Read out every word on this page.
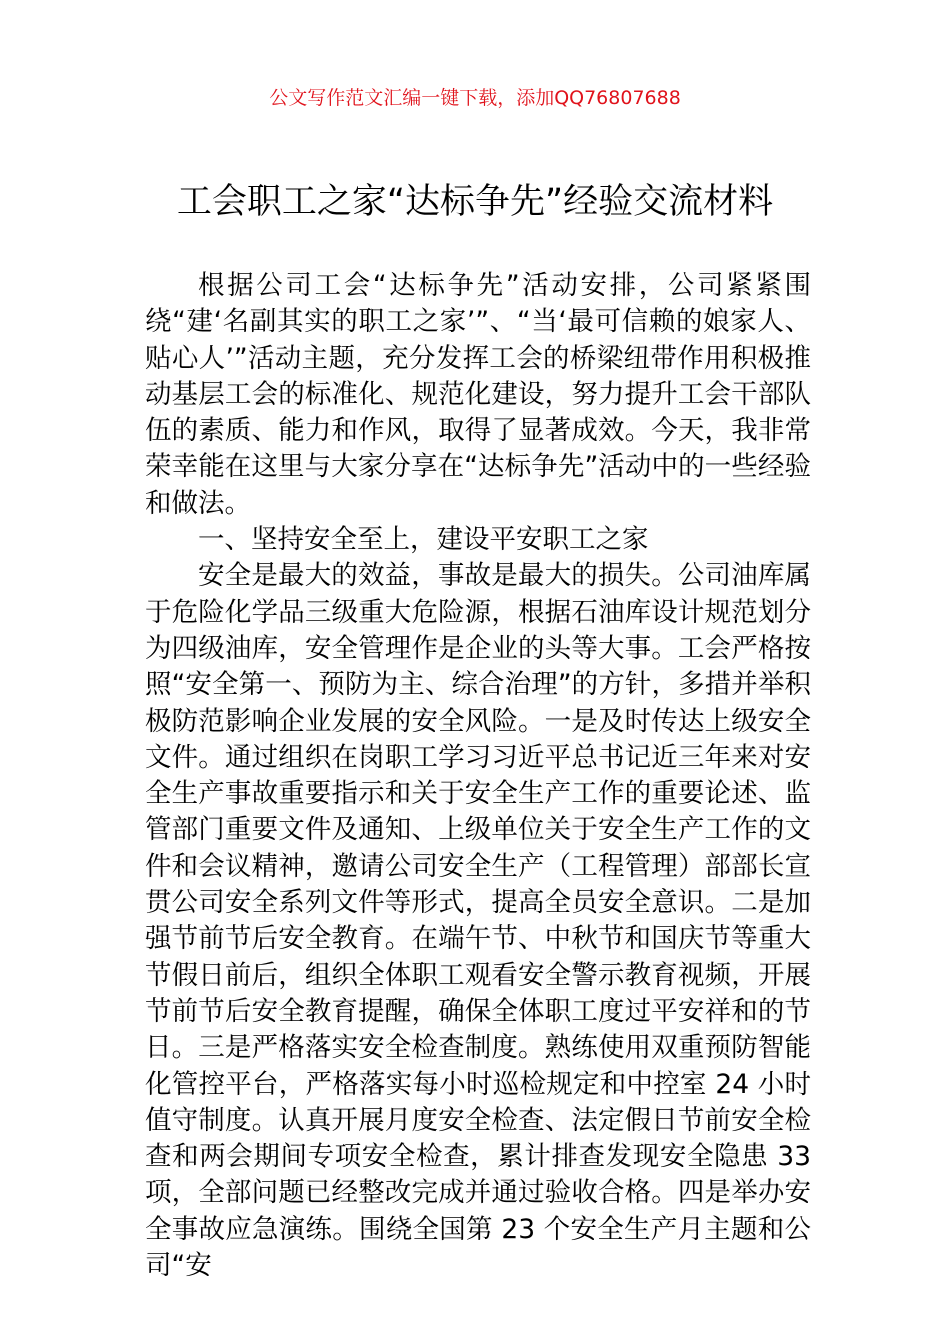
公文写作范文汇编一键下载，添加QQ76807688
工会职工之家“达标争先”经验交流材料

根据公司工会“达标争先”活动安排，公司紧紧围绕“建‘名副其实的职工之家’”、“当‘最可信赖的娘家人、贴心人’”活动主题，充分发挥工会的桥梁纽带作用积极推动基层工会的标准化、规范化建设，努力提升工会干部队伍的素质、能力和作风，取得了显著成效。今天，我非常荣幸能在这里与大家分享在“达标争先”活动中的一些经验和做法。

一、坚持安全至上，建设平安职工之家

安全是最大的效益，事故是最大的损失。公司油库属于危险化学品三级重大危险源，根据石油库设计规范划分为四级油库，安全管理作是企业的头等大事。工会严格按照“安全第一、预防为主、综合治理”的方针，多措并举积极防范影响企业发展的安全风险。一是及时传达上级安全文件。通过组织在岗职工学习习近平总书记近三年来对安全生产事故重要指示和关于安全生产工作的重要论述、监管部门重要文件及通知、上级单位关于安全生产工作的文件和会议精神，邀请公司安全生产（工程管理）部部长宣贯公司安全系列文件等形式，提高全员安全意识。二是加强节前节后安全教育。在端午节、中秋节和国庆节等重大节假日前后，组织全体职工观看安全警示教育视频，开展节前节后安全教育提醒，确保全体职工度过平安祥和的节日。三是严格落实安全检查制度。熟练使用双重预防智能化管控平台，严格落实每小时巡检规定和中控室 24 小时值守制度。认真开展月度安全检查、法定假日节前安全检查和两会期间专项安全检查，累计排查发现安全隐患 33 项，全部问题已经整改完成并通过验收合格。四是举办安全事故应急演练。围绕全国第 23 个安全生产月主题和公司“安
